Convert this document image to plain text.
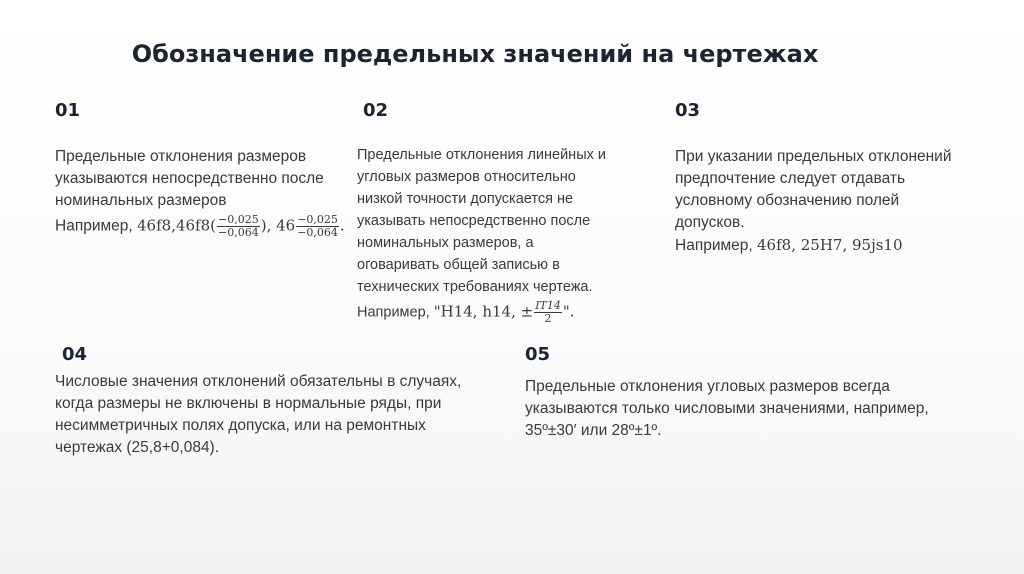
Обозначение предельных значений на чертежах
01
Предельные отклонения размеров
указываются непосредственно после
номинальных размеров
Например, $46f8,46f8( \frac{-0,025}{-0,064}$ ), $46 \frac{-0,025}{-0,064}$ .
02
Предельные отклонения линейных и
угловых размеров относительно
низкой точности допускается не
указывать непосредственно после
номинальных размеров, а
оговаривать общей записью в
технических требованиях чертежа.
Например, "H14, h14, ± $\frac{IT14}{2}$ ".
03
При указании предельных отклонений
предпочтение следует отдавать
условному обозначению полей
допусков.
Например, 46f8, 25H7, 95js10
04
Числовые значения отклонений обязательны в случаях,
когда размеры не включены в нормальные ряды, при
несимметричных полях допуска, или на ремонтных
чертежах (25,8+0,084).
05
Предельные отклонения угловых размеров всегда
указываются только числовыми значениями, например,
35º±30′ или 28º±1º.
